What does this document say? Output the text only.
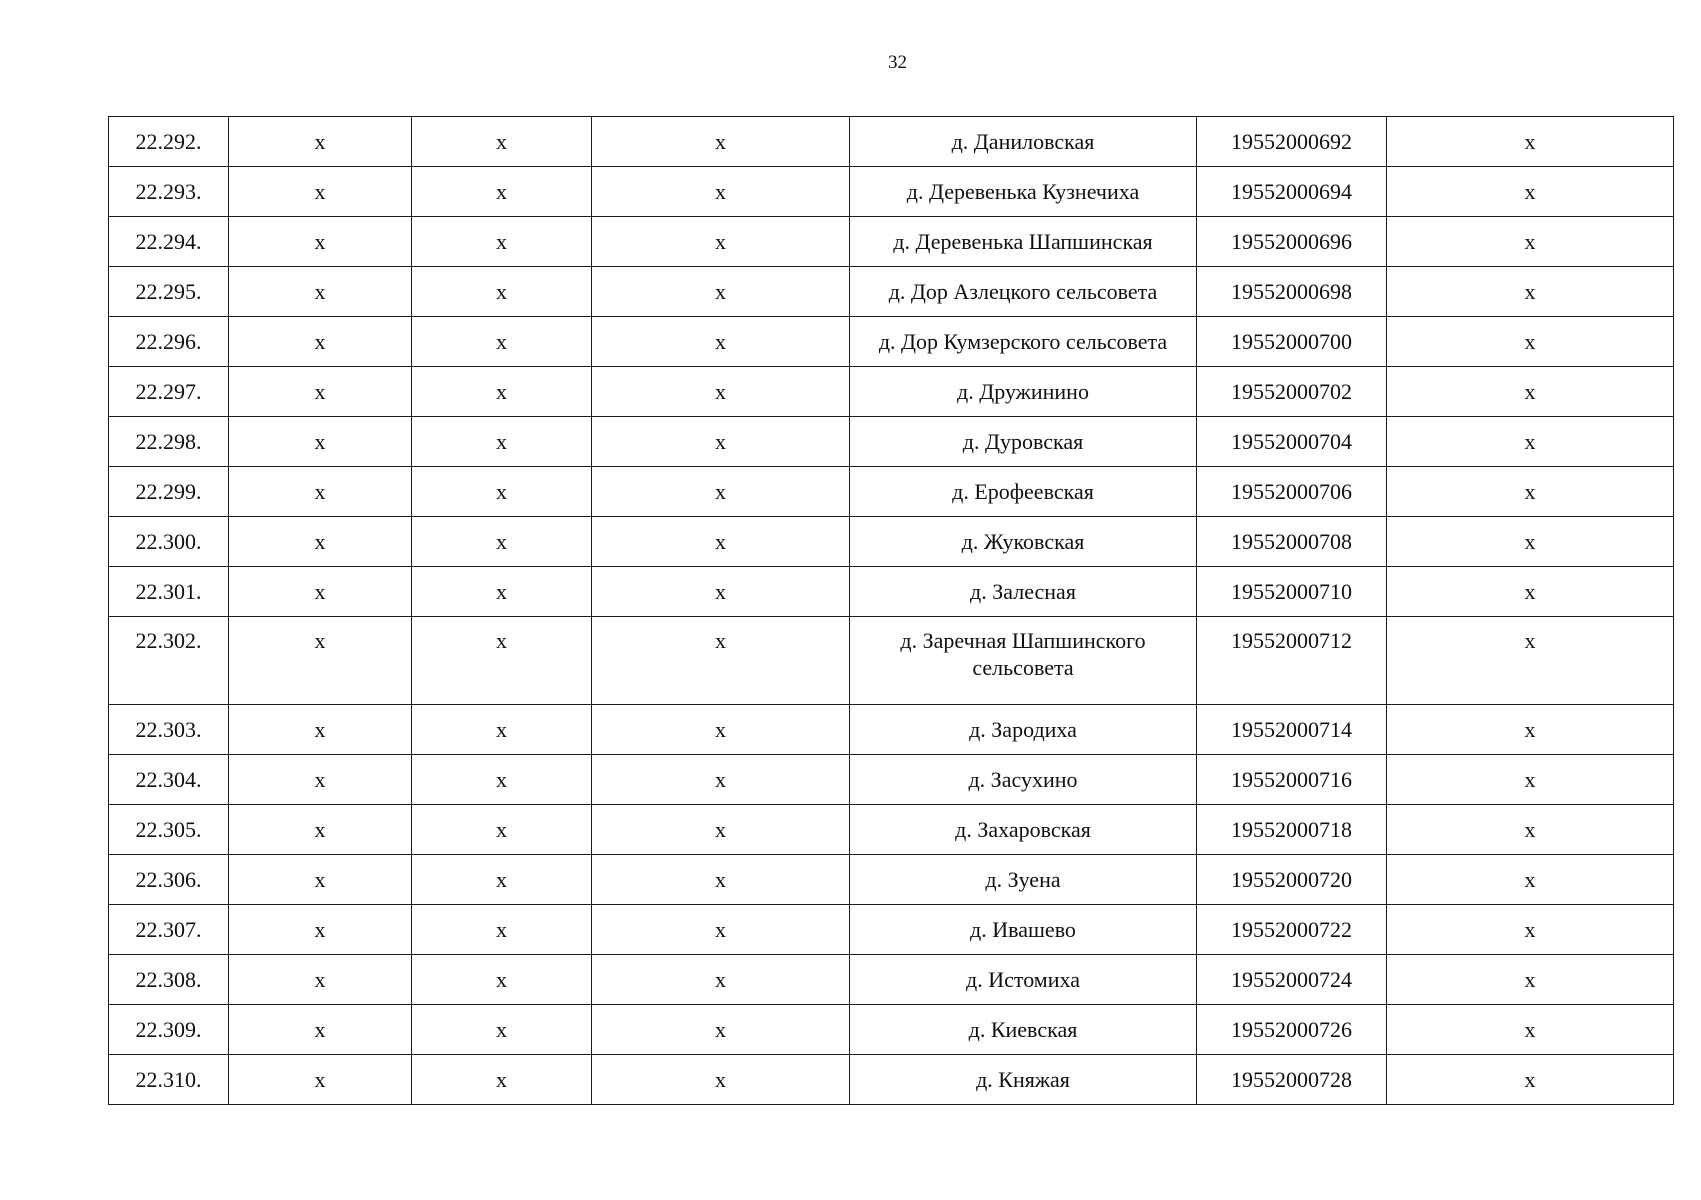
32
22.292.	х	х	х	д. Даниловская	19552000692	х
22.293.	х	х	х	д. Деревенька Кузнечиха	19552000694	х
22.294.	х	х	х	д. Деревенька Шапшинская	19552000696	х
22.295.	х	х	х	д. Дор Азлецкого сельсовета	19552000698	х
22.296.	х	х	х	д. Дор Кумзерского сельсовета	19552000700	х
22.297.	х	х	х	д. Дружинино	19552000702	х
22.298.	х	х	х	д. Дуровская	19552000704	х
22.299.	х	х	х	д. Ерофеевская	19552000706	х
22.300.	х	х	х	д. Жуковская	19552000708	х
22.301.	х	х	х	д. Залесная	19552000710	х
22.302.	х	х	х	д. Заречная Шапшинского сельсовета	19552000712	х
22.303.	х	х	х	д. Зародиха	19552000714	х
22.304.	х	х	х	д. Засухино	19552000716	х
22.305.	х	х	х	д. Захаровская	19552000718	х
22.306.	х	х	х	д. Зуена	19552000720	х
22.307.	х	х	х	д. Ивашево	19552000722	х
22.308.	х	х	х	д. Истомиха	19552000724	х
22.309.	х	х	х	д. Киевская	19552000726	х
22.310.	х	х	х	д. Княжая	19552000728	х
